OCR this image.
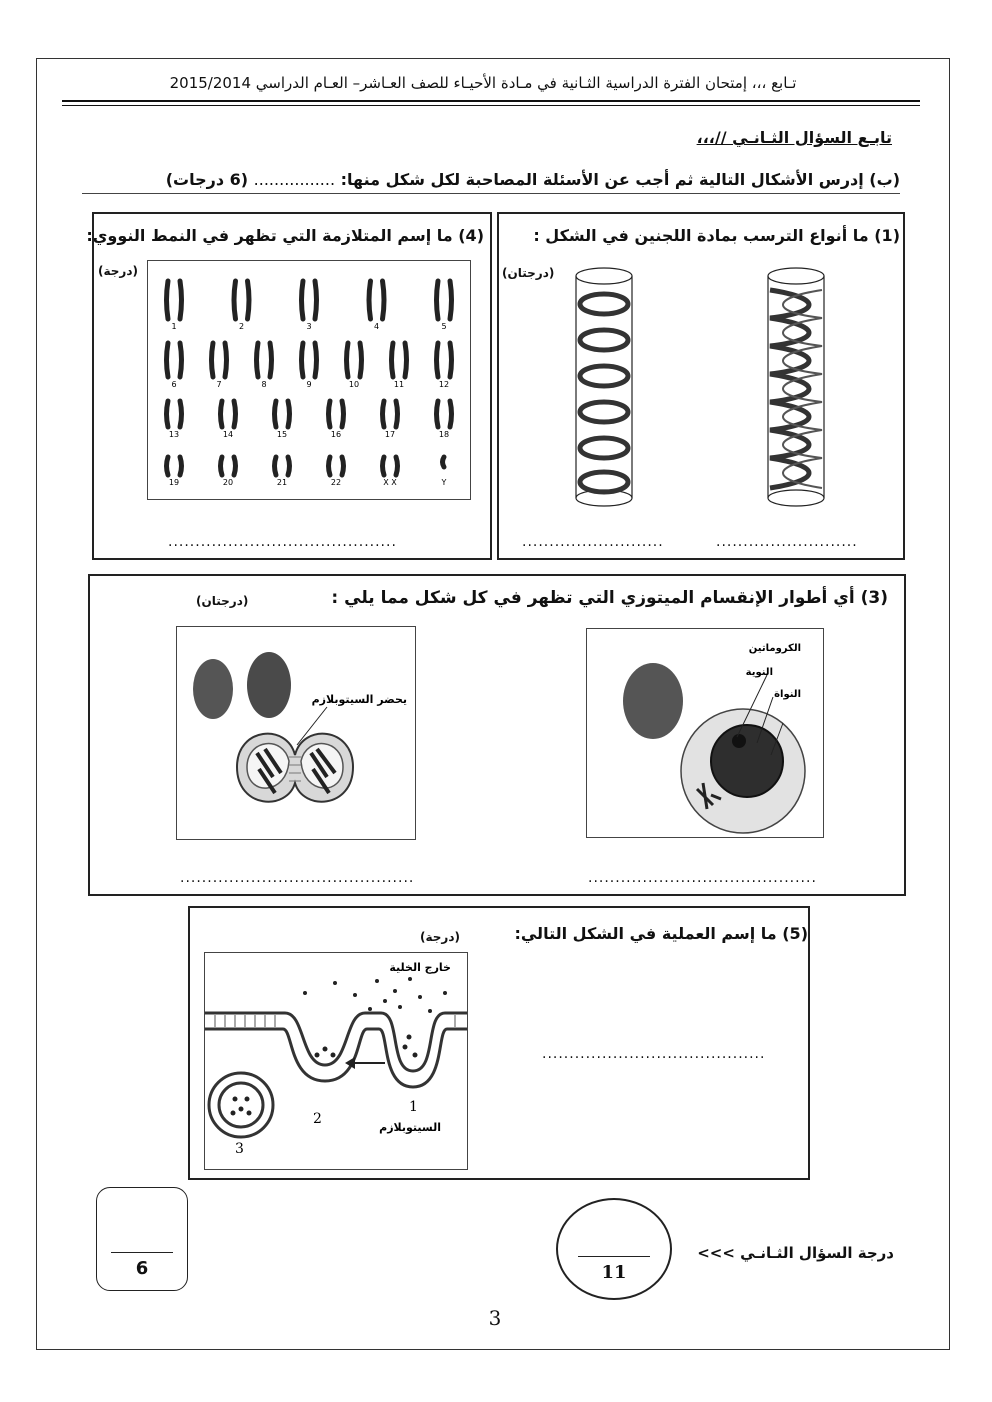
تـابع ،،، إمتحان الفترة الدراسية الثـانية في مـادة الأحيـاء للصف العـاشر– العـام الدراسي 2015/2014
تابـع السؤال الثـانـي //،،،
(ب) إدرس الأشكال التالية ثم أجب عن الأسئلة المصاحبة لكل شكل منها: ................ (6 درجات)
(1) ما أنواع الترسب بمادة اللجنين في الشكل :
(درجتان)
..........................	..........................
(4) ما إسم المتلازمة التي تظهر في النمط النووي:
(درجة)
1	2	3	4	5
6	7	8	9	10	11	12
13	14	15	16	17	18
19	20	21	22	X X	Y
..........................................
(3) أي أطوار الإنقسام الميتوزي التي تظهر في كل شكل مما يلي :
(درجتان)
يحضر السيتوبلازم
الكروماتين
النوية
النواة
...........................................	..........................................
(5) ما إسم العملية في الشكل التالي:
(درجة)
خارج الخلية
السيتوبلازم
1
2
3
.........................................
6	11
درجة السؤال الثـانـي >>>
3
